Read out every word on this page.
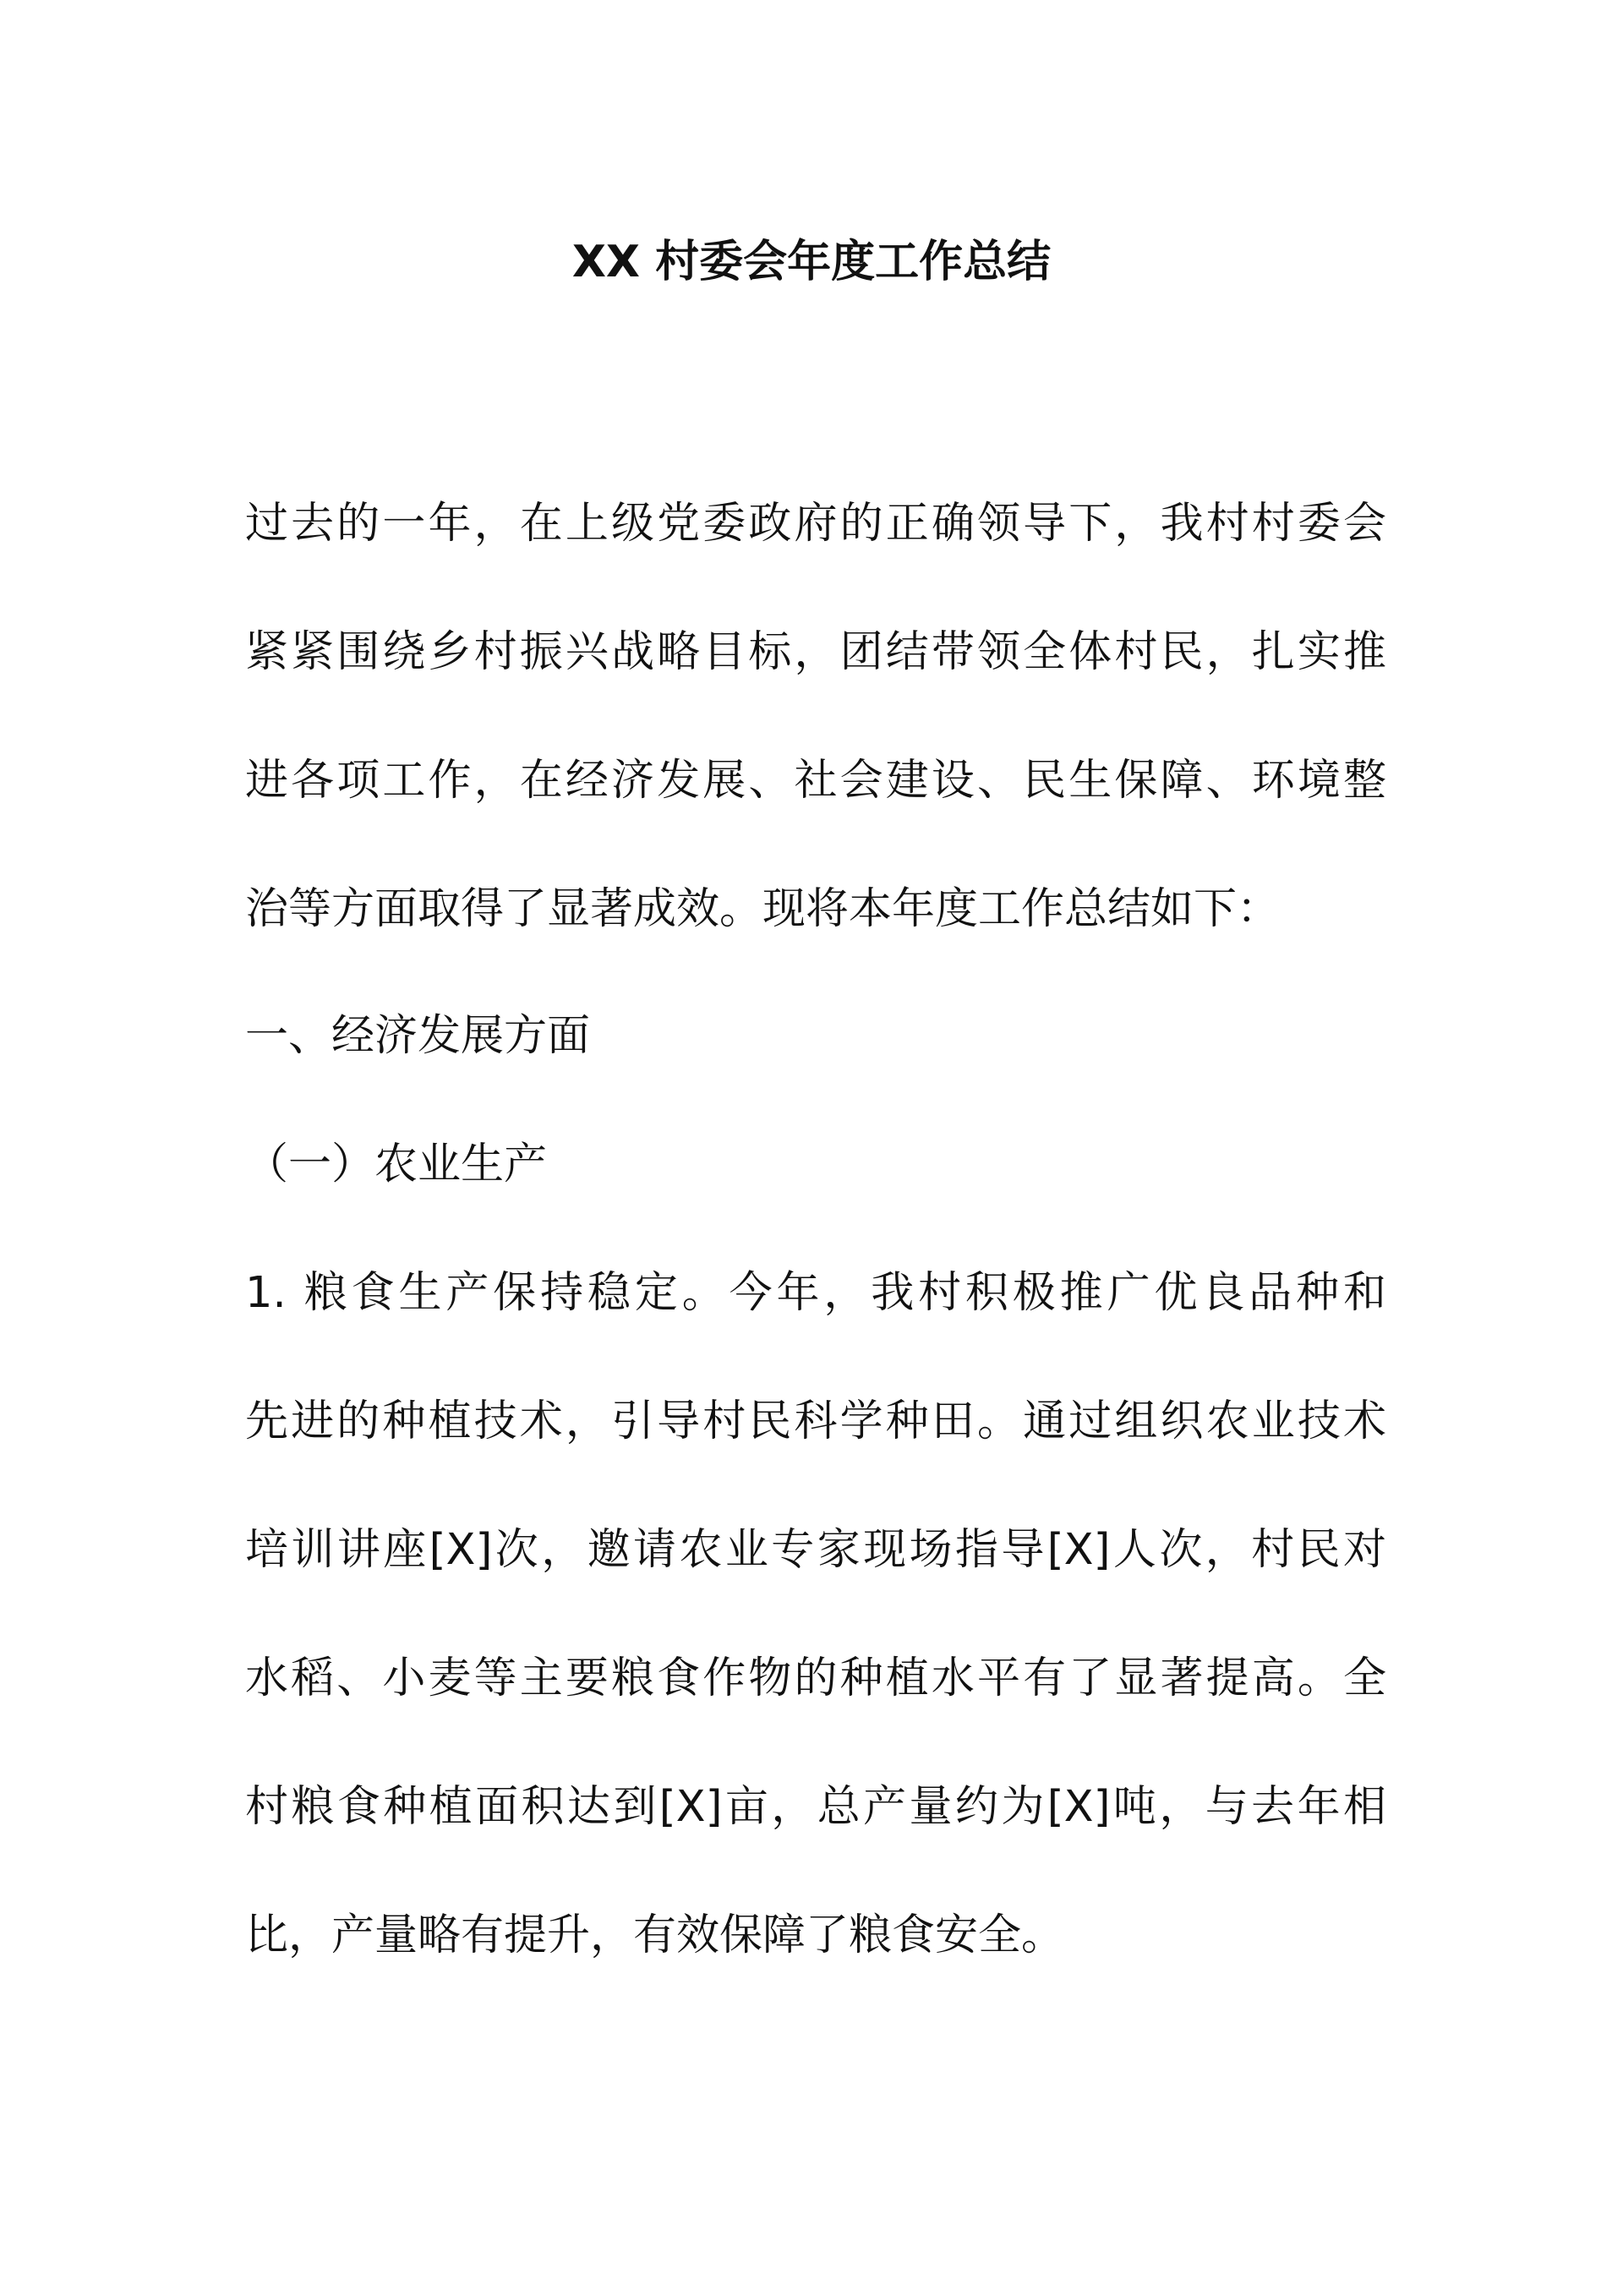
XX 村委会年度工作总结
过去的一年，在上级党委政府的正确领导下，我村村委会
紧紧围绕乡村振兴战略目标，团结带领全体村民，扎实推
进各项工作，在经济发展、社会建设、民生保障、环境整
治等方面取得了显著成效。现将本年度工作总结如下：
一、经济发展方面
（一）农业生产
1. 粮食生产保持稳定。今年，我村积极推广优良品种和
先进的种植技术，引导村民科学种田。通过组织农业技术
培训讲座[X]次，邀请农业专家现场指导[X]人次，村民对
水稻、小麦等主要粮食作物的种植水平有了显著提高。全
村粮食种植面积达到[X]亩，总产量约为[X]吨，与去年相
比，产量略有提升，有效保障了粮食安全。
